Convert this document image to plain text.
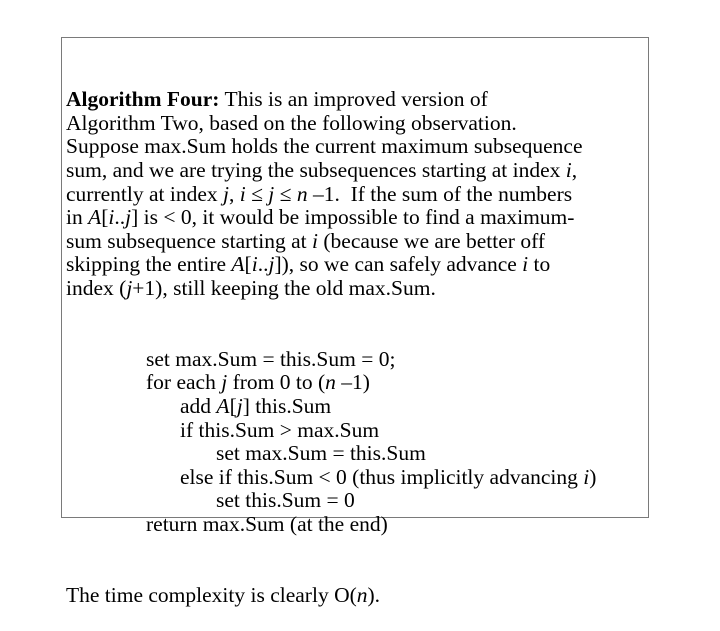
Algorithm Four: This is an improved version of
Algorithm Two, based on the following observation.
Suppose max.Sum holds the current maximum subsequence
sum, and we are trying the subsequences starting at index i,
currently at index j, i ≤ j ≤ n –1.  If the sum of the numbers
in A[i..j] is < 0, it would be impossible to find a maximum-
sum subsequence starting at i (because we are better off
skipping the entire A[i..j]), so we can safely advance i to
index (j+1), still keeping the old max.Sum.

set max.Sum = this.Sum = 0;
for each j from 0 to (n –1)
add A[j] this.Sum
if this.Sum > max.Sum
set max.Sum = this.Sum
else if this.Sum < 0 (thus implicitly advancing i)
set this.Sum = 0
return max.Sum (at the end)

The time complexity is clearly O(n).
